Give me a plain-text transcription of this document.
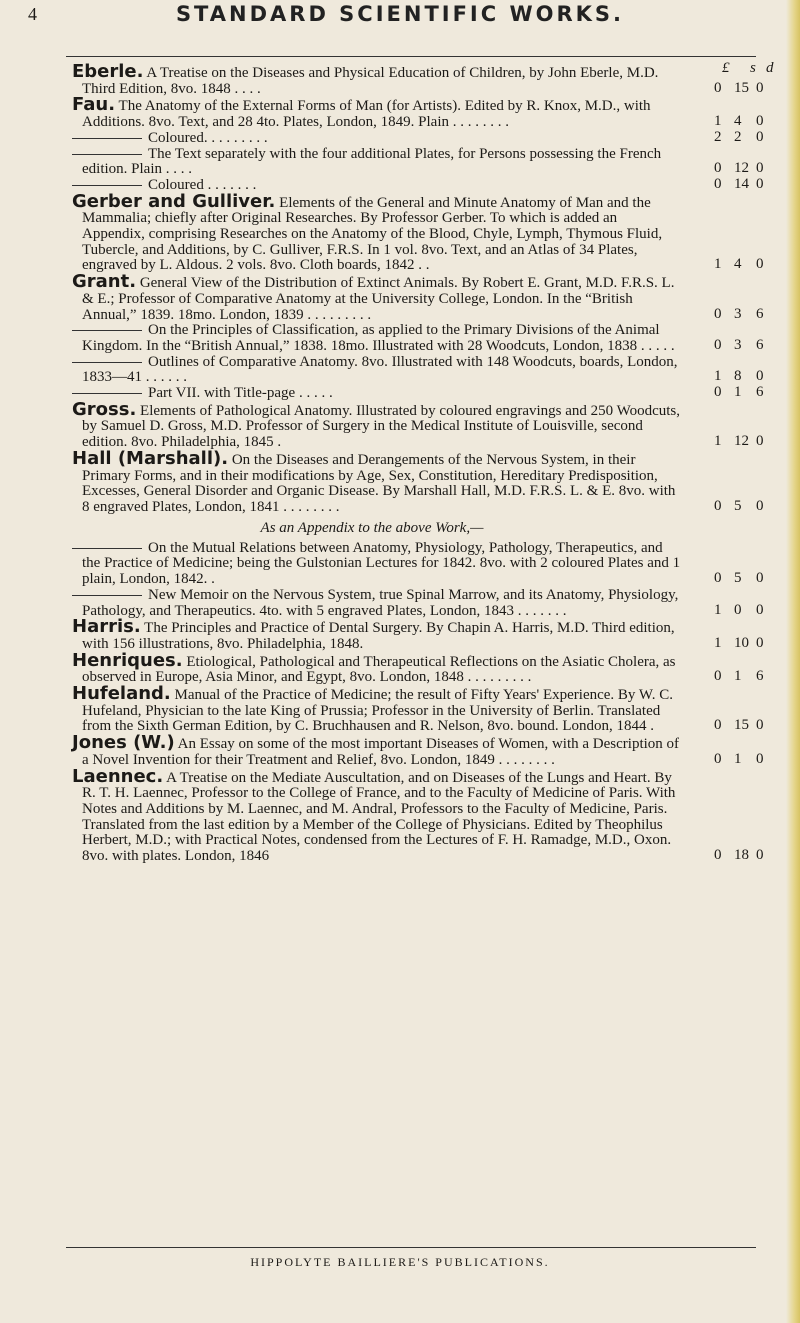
4	STANDARD SCIENTIFIC WORKS.
£ s d
Eberle. A Treatise on the Diseases and Physical Education of Children, by John Eberle, M.D. Third Edition, 8vo. 1848 . . . .	0 15 0
Fau. The Anatomy of the External Forms of Man (for Artists). Edited by R. Knox, M.D., with Additions. 8vo. Text, and 28 4to. Plates, London, 1849. Plain . . . . . . . .	1 4 0
Coloured. . . . . . . . .	2 2 0
The Text separately with the four additional Plates, for Persons possessing the French edition. Plain . . . .	0 12 0
Coloured . . . . . . .	0 14 0
Gerber and Gulliver. Elements of the General and Minute Anatomy of Man and the Mammalia; chiefly after Original Researches. By Professor Gerber. To which is added an Appendix, comprising Researches on the Anatomy of the Blood, Chyle, Lymph, Thymous Fluid, Tubercle, and Additions, by C. Gulliver, F.R.S. In 1 vol. 8vo. Text, and an Atlas of 34 Plates, engraved by L. Aldous. 2 vols. 8vo. Cloth boards, 1842 . .	1 4 0
Grant. General View of the Distribution of Extinct Animals. By Robert E. Grant, M.D. F.R.S. L. & E.; Professor of Comparative Anatomy at the University College, London. In the “British Annual,” 1839. 18mo. London, 1839 . . . . . . . . .	0 3 6
On the Principles of Classification, as applied to the Primary Divisions of the Animal Kingdom. In the “British Annual,” 1838. 18mo. Illustrated with 28 Woodcuts, London, 1838 . . . . .	0 3 6
Outlines of Comparative Anatomy. 8vo. Illustrated with 148 Woodcuts, boards, London, 1833—41 . . . . . .	1 8 0
Part VII. with Title-page . . . . .	0 1 6
Gross. Elements of Pathological Anatomy. Illustrated by coloured engravings and 250 Woodcuts, by Samuel D. Gross, M.D. Professor of Surgery in the Medical Institute of Louisville, second edition. 8vo. Philadelphia, 1845 .	1 12 0
Hall (Marshall). On the Diseases and Derangements of the Nervous System, in their Primary Forms, and in their modifications by Age, Sex, Constitution, Hereditary Predisposition, Excesses, General Disorder and Organic Disease. By Marshall Hall, M.D. F.R.S. L. & E. 8vo. with 8 engraved Plates, London, 1841 . . . . . . . .	0 5 0
As an Appendix to the above Work,—
On the Mutual Relations between Anatomy, Physiology, Pathology, Therapeutics, and the Practice of Medicine; being the Gulstonian Lectures for 1842. 8vo. with 2 coloured Plates and 1 plain, London, 1842. .	0 5 0
New Memoir on the Nervous System, true Spinal Marrow, and its Anatomy, Physiology, Pathology, and Therapeutics. 4to. with 5 engraved Plates, London, 1843 . . . . . . .	1 0 0
Harris. The Principles and Practice of Dental Surgery. By Chapin A. Harris, M.D. Third edition, with 156 illustrations, 8vo. Philadelphia, 1848.	1 10 0
Henriques. Etiological, Pathological and Therapeutical Reflections on the Asiatic Cholera, as observed in Europe, Asia Minor, and Egypt, 8vo. London, 1848 . . . . . . . . .	0 1 6
Hufeland. Manual of the Practice of Medicine; the result of Fifty Years' Experience. By W. C. Hufeland, Physician to the late King of Prussia; Professor in the University of Berlin. Translated from the Sixth German Edition, by C. Bruchhausen and R. Nelson, 8vo. bound. London, 1844 .	0 15 0
Jones (W.) An Essay on some of the most important Diseases of Women, with a Description of a Novel Invention for their Treatment and Relief, 8vo. London, 1849 . . . . . . . .	0 1 0
Laennec. A Treatise on the Mediate Auscultation, and on Diseases of the Lungs and Heart. By R. T. H. Laennec, Professor to the College of France, and to the Faculty of Medicine of Paris. With Notes and Additions by M. Laennec, and M. Andral, Professors to the Faculty of Medicine, Paris. Translated from the last edition by a Member of the College of Physicians. Edited by Theophilus Herbert, M.D.; with Practical Notes, condensed from the Lectures of F. H. Ramadge, M.D., Oxon. 8vo. with plates. London, 1846	0 18 0
HIPPOLYTE BAILLIERE'S PUBLICATIONS.
